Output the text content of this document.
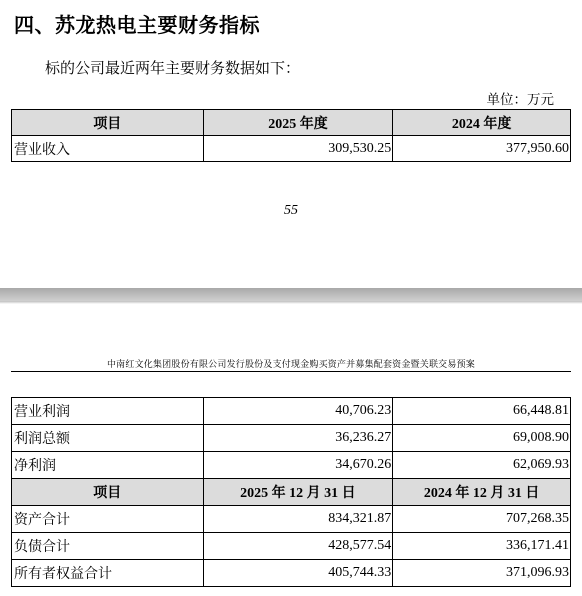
四、苏龙热电主要财务指标
标的公司最近两年主要财务数据如下：
单位：万元
项目	2025 年度	2024 年度
营业收入	309,530.25	377,950.60
55
中南红文化集团股份有限公司发行股份及支付现金购买资产并募集配套资金暨关联交易预案
营业利润	40,706.23	66,448.81
利润总额	36,236.27	69,008.90
净利润	34,670.26	62,069.93
项目	2025 年 12 月 31 日	2024 年 12 月 31 日
资产合计	834,321.87	707,268.35
负债合计	428,577.54	336,171.41
所有者权益合计	405,744.33	371,096.93
